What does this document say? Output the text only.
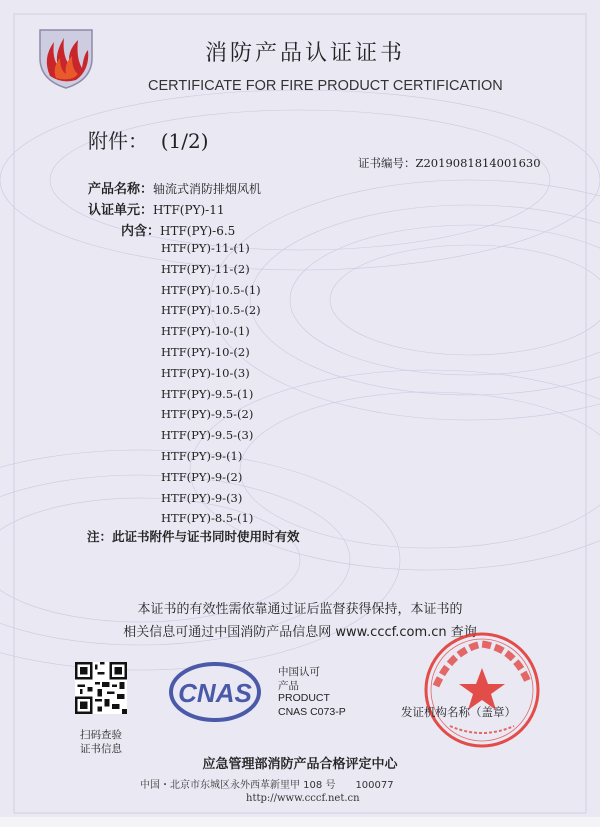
消防产品认证证书
CERTIFICATE FOR FIRE PRODUCT CERTIFICATION
附件： (1/2)
证书编号：Z2019081814001630
产品名称：轴流式消防排烟风机
认证单元：HTF(PY)-11
内含：HTF(PY)-6.5
HTF(PY)-11-(1)
HTF(PY)-11-(2)
HTF(PY)-10.5-(1)
HTF(PY)-10.5-(2)
HTF(PY)-10-(1)
HTF(PY)-10-(2)
HTF(PY)-10-(3)
HTF(PY)-9.5-(1)
HTF(PY)-9.5-(2)
HTF(PY)-9.5-(3)
HTF(PY)-9-(1)
HTF(PY)-9-(2)
HTF(PY)-9-(3)
HTF(PY)-8.5-(1)
注：此证书附件与证书同时使用时有效
本证书的有效性需依靠通过证后监督获得保持，本证书的
相关信息可通过中国消防产品信息网 www.cccf.com.cn 查询
扫码查验
证书信息
CNAS
中国认可
产品
PRODUCT
CNAS C073-P	发证机构名称（盖章）
应急管理部消防产品合格评定中心
中国・北京市东城区永外西革新里甲 108 号　　100077
http://www.cccf.net.cn
